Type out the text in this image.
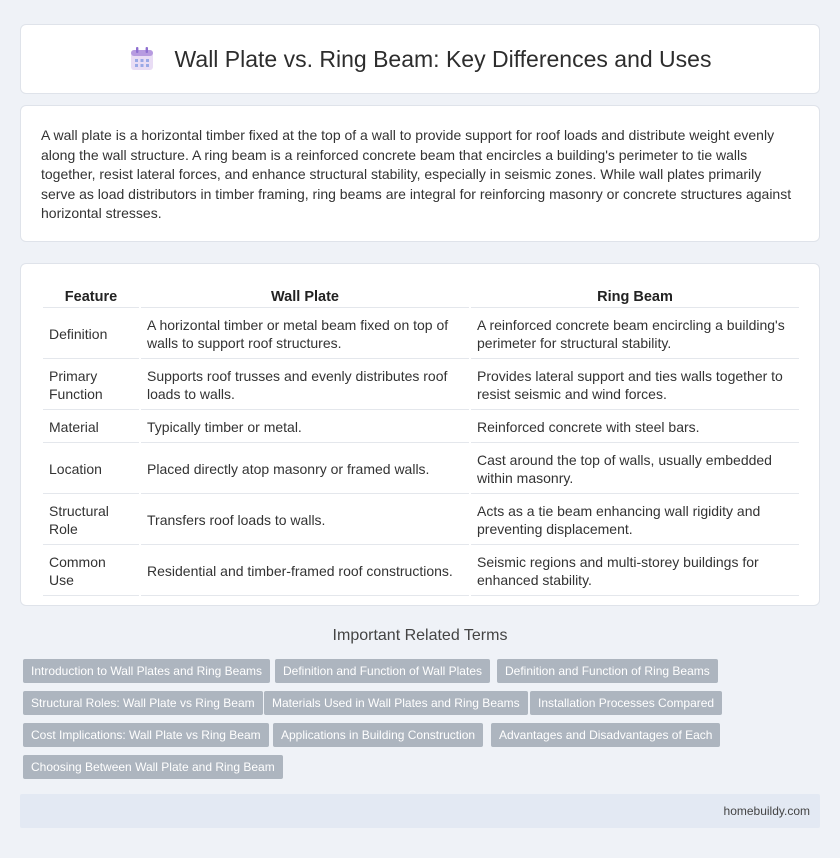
Wall Plate vs. Ring Beam: Key Differences and Uses

A wall plate is a horizontal timber fixed at the top of a wall to provide support for roof loads and distribute weight evenly along the wall structure. A ring beam is a reinforced concrete beam that encircles a building's perimeter to tie walls together, resist lateral forces, and enhance structural stability, especially in seismic zones. While wall plates primarily serve as load distributors in timber framing, ring beams are integral for reinforcing masonry or concrete structures against horizontal stresses.

Feature	Wall Plate	Ring Beam
Definition	A horizontal timber or metal beam fixed on top of walls to support roof structures.	A reinforced concrete beam encircling a building's perimeter for structural stability.
Primary Function	Supports roof trusses and evenly distributes roof loads to walls.	Provides lateral support and ties walls together to resist seismic and wind forces.
Material	Typically timber or metal.	Reinforced concrete with steel bars.
Location	Placed directly atop masonry or framed walls.	Cast around the top of walls, usually embedded within masonry.
Structural Role	Transfers roof loads to walls.	Acts as a tie beam enhancing wall rigidity and preventing displacement.
Common Use	Residential and timber-framed roof constructions.	Seismic regions and multi-storey buildings for enhanced stability.
Important Related Terms
Introduction to Wall Plates and Ring Beams	Definition and Function of Wall Plates	Definition and Function of Ring Beams
Structural Roles: Wall Plate vs Ring Beam	Materials Used in Wall Plates and Ring Beams	Installation Processes Compared
Cost Implications: Wall Plate vs Ring Beam	Applications in Building Construction	Advantages and Disadvantages of Each
Choosing Between Wall Plate and Ring Beam
homebuildy.com
